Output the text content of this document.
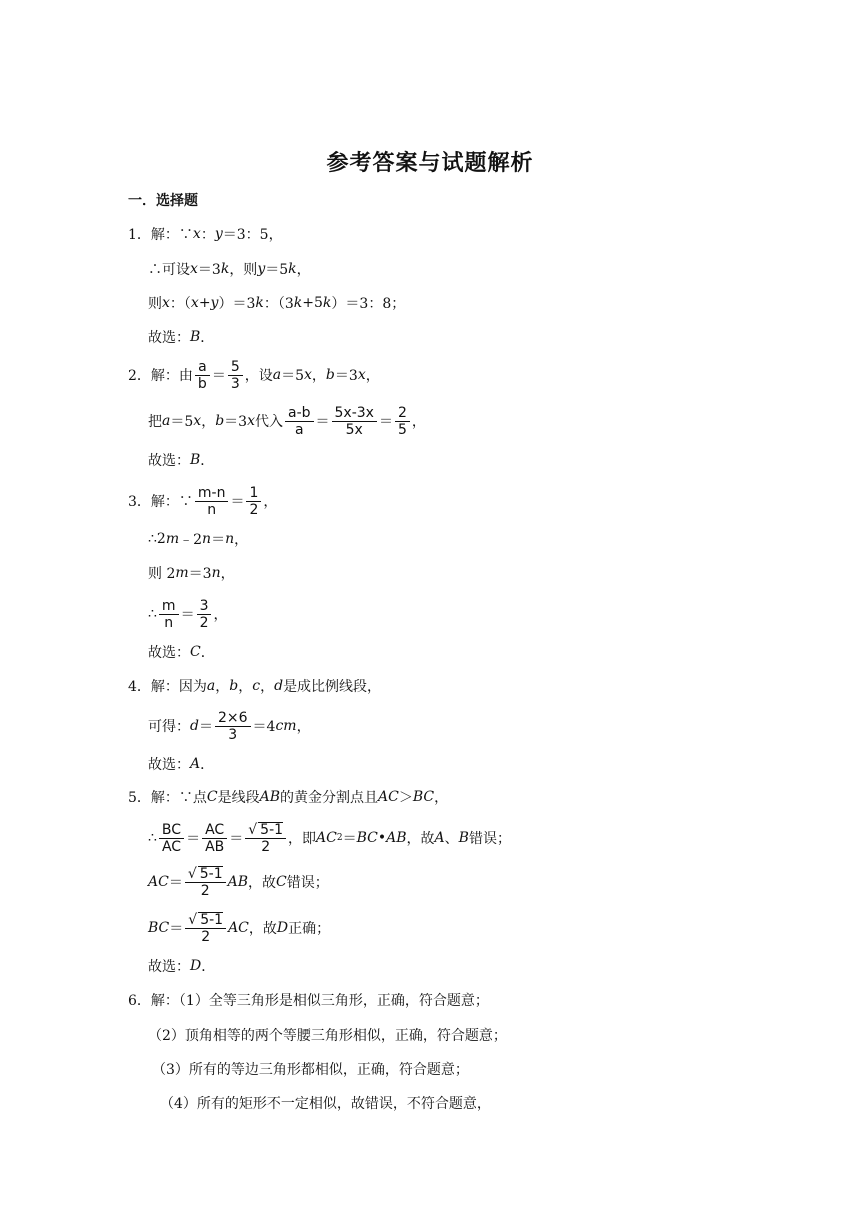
参考答案与试题解析
一．选择题
1．解：∵ x ： y ＝3：5，
∴可设 x ＝3 k ，则 y ＝5 k ，
则 x ：（ x + y ）＝3 k ：（3 k +5 k ）＝3：8；
故选： B ．
2．解：由 $\frac{a}{b} = \frac{5}{3}$ ，设 a ＝5 x ， b ＝3 x ，
把 a ＝5 x ， b ＝3 x 代入 $\frac{a-b}{a} = \frac{5x-3x}{5x} = \frac{2}{5}$ ，
故选： B ．
3．解：∵ $\frac{m-n}{n} = \frac{1}{2}$ ，
∴2 m ﹣2 n ＝ n ，
则 2 m ＝3 n ，
∴ $\frac{m}{n} = \frac{3}{2}$ ，
故选： C ．
4．解：因为 a ， b ， c ， d 是成比例线段，
可得： $d = \frac{2\times 6}{3} =4$ cm ，
故选： A ．
5．解：∵点 C 是线段 AB 的黄金分割点且 AC ＞ BC ，
∴ $\frac{BC}{AC} = \frac{AC}{AB} = \frac{√ 5-1}{2}$ ，即 AC 2 ＝ BC • AB ，故 A 、 B 错误；
AC ＝ $\frac{√ 5-1}{2}$ AB ，故 C 错误；
BC ＝ $\frac{√ 5-1}{2}$ AC ，故 D 正确；
故选： D ．
6．解：（1）全等三角形是相似三角形，正确，符合题意；
（2）顶角相等的两个等腰三角形相似，正确，符合题意；
（3）所有的等边三角形都相似，正确，符合题意；
（4）所有的矩形不一定相似，故错误，不符合题意，
